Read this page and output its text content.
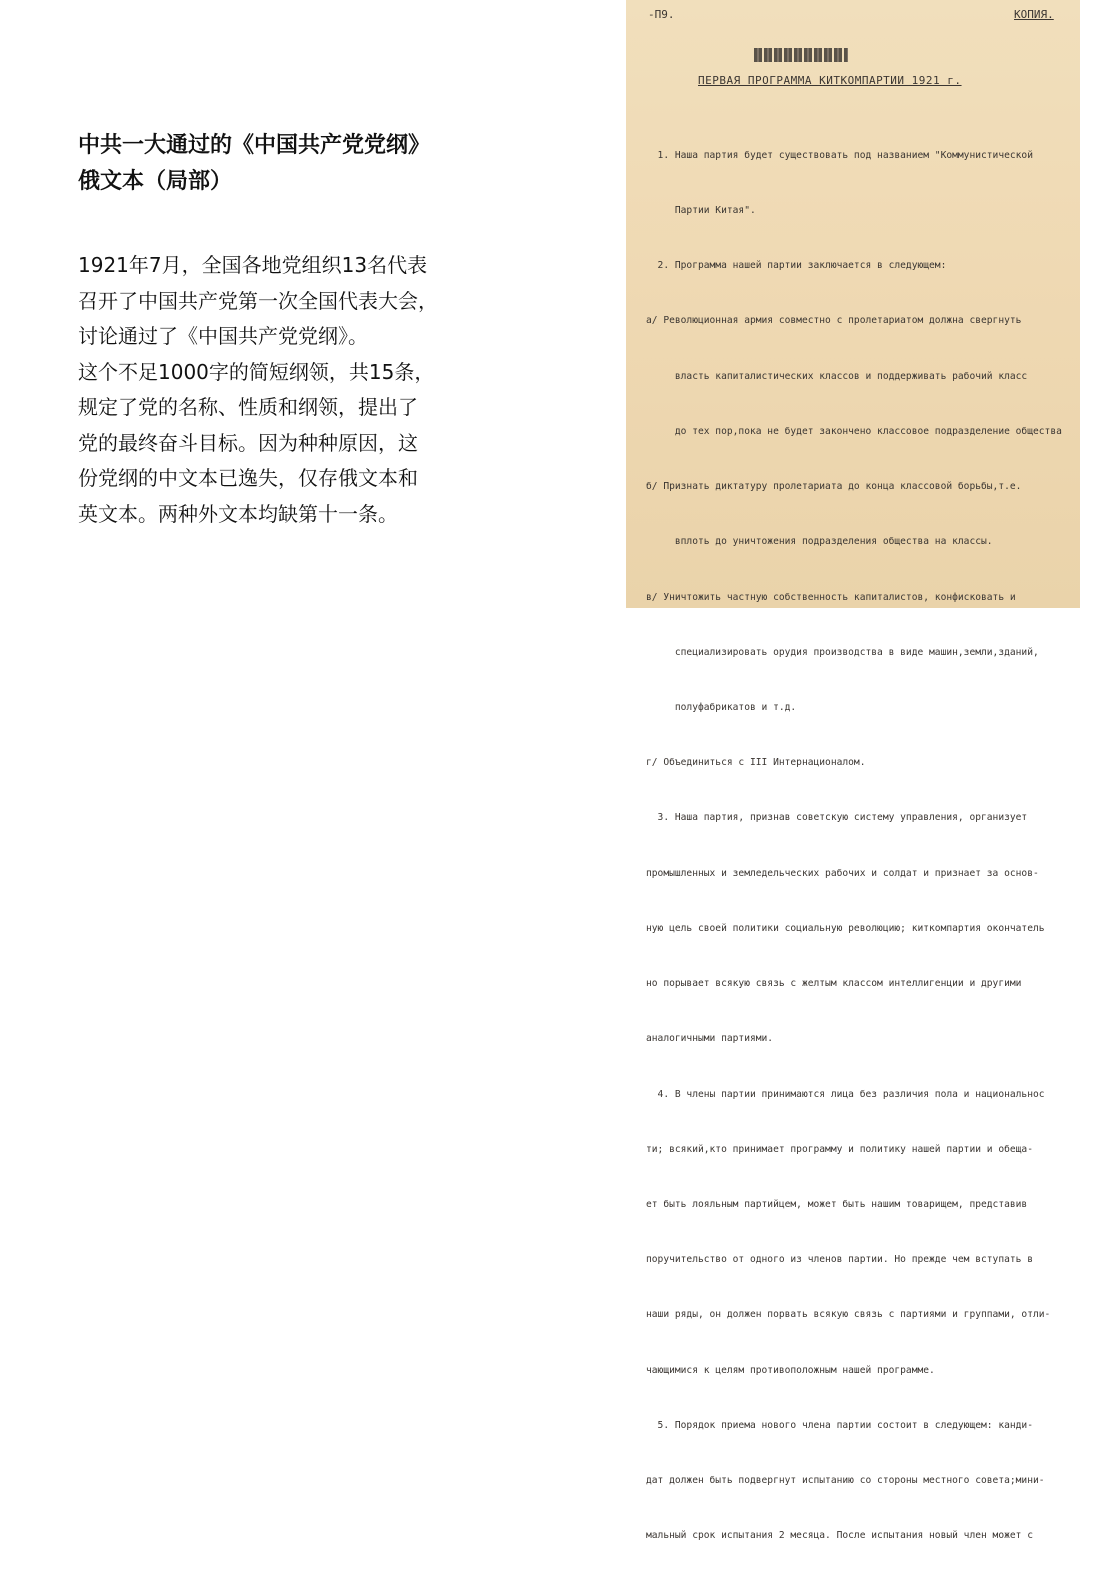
中共一大通过的《中国共产党党纲》
俄文本（局部）
1921年7月，全国各地党组织13名代表
召开了中国共产党第一次全国代表大会，
讨论通过了《中国共产党党纲》。
这个不足1000字的简短纲领，共15条，
规定了党的名称、性质和纲领，提出了
党的最终奋斗目标。因为种种原因，这
份党纲的中文本已逸失，仅存俄文本和
英文本。两种外文本均缺第十一条。
-П9.	КОПИЯ.
ПЕРВАЯ ПРОГРАММА КИТКОМПАРТИИ 1921 г.

1. Наша партия будет существовать под названием "Коммунистической

Партии Китая".

2. Программа нашей партии заключается в следующем:

а/ Революционная армия совместно с пролетариатом должна свергнуть

власть капиталистических классов и поддерживать рабочий класс

до тех пор,пока не будет закончено классовое подразделение общества

б/ Признать диктатуру пролетариата до конца классовой борьбы,т.е.

вплоть до уничтожения подразделения общества на классы.

в/ Уничтожить частную собственность капиталистов, конфисковать и

специализировать орудия производства в виде машин,земли,зданий,

полуфабрикатов и т.д.

г/ Объединиться с III Интернационалом.

3. Наша партия, признав советскую систему управления, организует

промышленных и земледельческих рабочих и солдат и признает за основ-

ную цель своей политики социальную революцию; киткомпартия окончатель

но порывает всякую связь с желтым классом интеллигенции и другими

аналогичными партиями.

4. В члены партии принимаются лица без различия пола и национальнос

ти; всякий,кто принимает программу и политику нашей партии и обеща-

ет быть лояльным партийцем, может быть нашим товарищем, представив

поручительство от одного из членов партии. Но прежде чем вступать в

наши ряды, он должен порвать всякую связь с партиями и группами, отли-

чающимися к целям противоположным нашей программе.

5. Порядок приема нового члена партии состоит в следующем: канди-

дат должен быть подвергнут испытанию со стороны местного совета;мини-

мальный срок испытания 2 месяца. После испытания новый член может с
